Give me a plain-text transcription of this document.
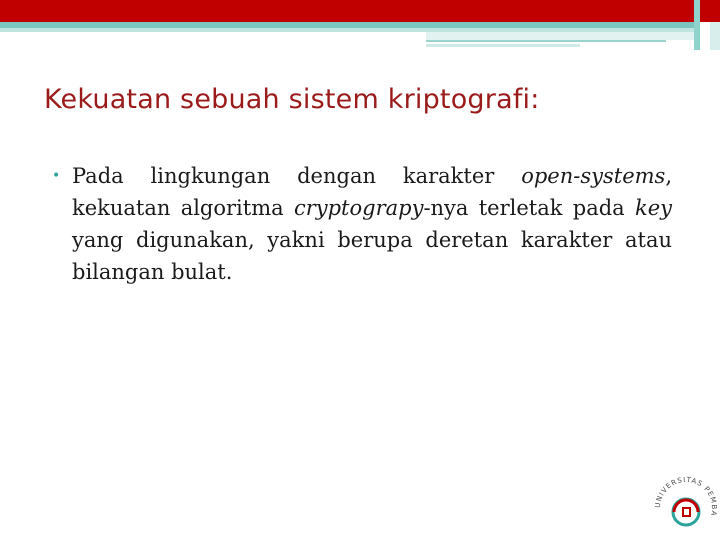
Kekuatan sebuah sistem kriptografi:
• Pada lingkungan dengan karakter open-systems, kekuatan algoritma cryptograpy-nya terletak pada key yang digunakan, yakni berupa deretan karakter atau bilangan bulat.
UNIVERSITAS PEMBA
